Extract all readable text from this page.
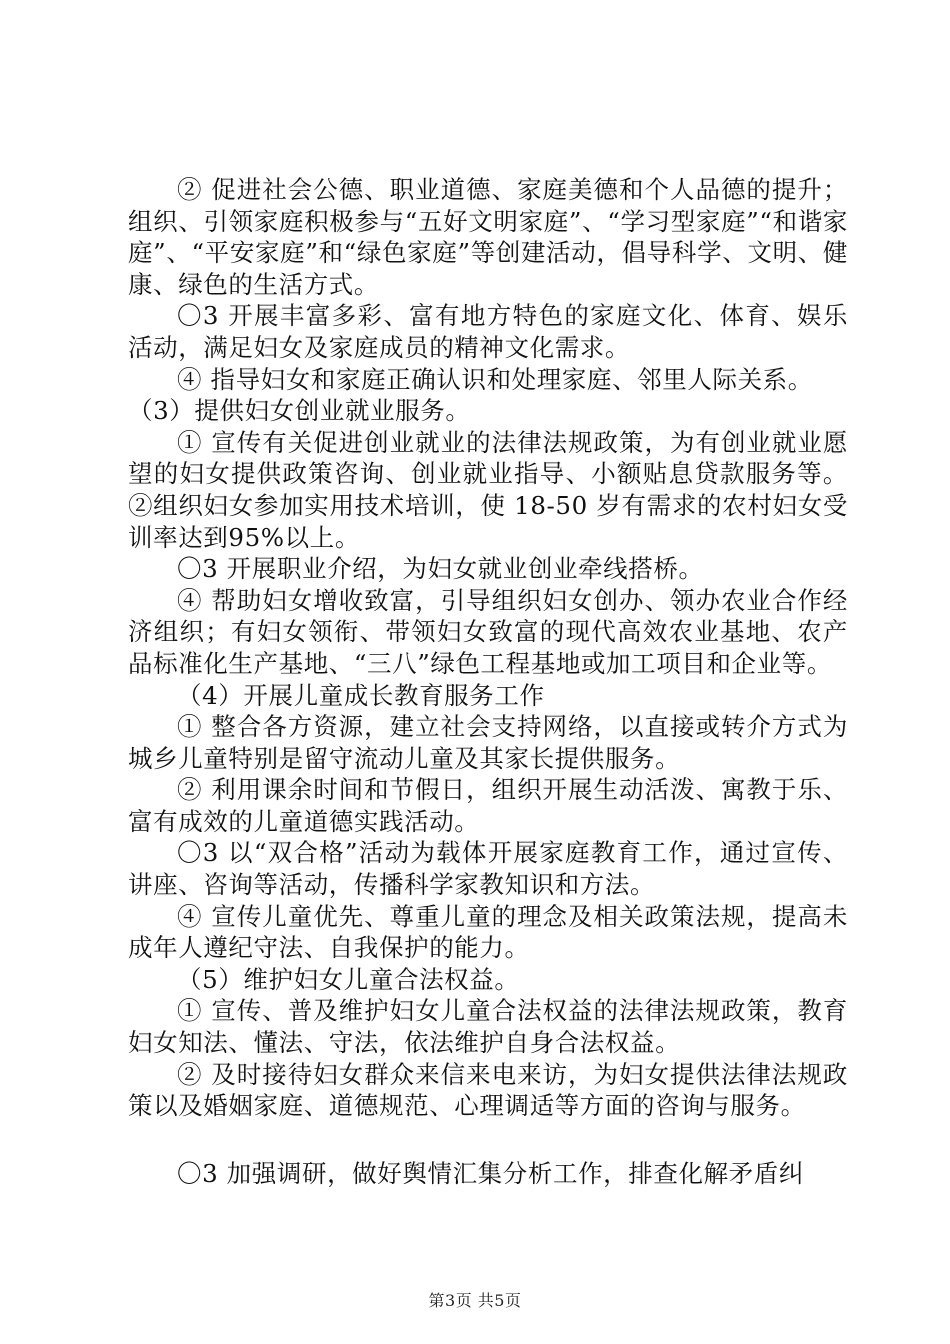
② 促进社会公德、职业道德、家庭美德和个人品德的提升；组织、引领家庭积极参与“五好文明家庭”、“学习型家庭”“和谐家庭”、“平安家庭”和“绿色家庭”等创建活动，倡导科学、文明、健康、绿色的生活方式。

〇3 开展丰富多彩、富有地方特色的家庭文化、体育、娱乐活动，满足妇女及家庭成员的精神文化需求。

④ 指导妇女和家庭正确认识和处理家庭、邻里人际关系。

（3）提供妇女创业就业服务。

① 宣传有关促进创业就业的法律法规政策，为有创业就业愿望的妇女提供政策咨询、创业就业指导、小额贴息贷款服务等。②组织妇女参加实用技术培训，使 18-50 岁有需求的农村妇女受训率达到95%以上。

〇3 开展职业介绍，为妇女就业创业牵线搭桥。

④ 帮助妇女增收致富，引导组织妇女创办、领办农业合作经济组织；有妇女领衔、带领妇女致富的现代高效农业基地、农产品标准化生产基地、“三八”绿色工程基地或加工项目和企业等。

（4）开展儿童成长教育服务工作

① 整合各方资源，建立社会支持网络，以直接或转介方式为城乡儿童特别是留守流动儿童及其家长提供服务。

② 利用课余时间和节假日，组织开展生动活泼、寓教于乐、富有成效的儿童道德实践活动。

〇3 以“双合格”活动为载体开展家庭教育工作，通过宣传、讲座、咨询等活动，传播科学家教知识和方法。

④ 宣传儿童优先、尊重儿童的理念及相关政策法规，提高未成年人遵纪守法、自我保护的能力。

（5）维护妇女儿童合法权益。

① 宣传、普及维护妇女儿童合法权益的法律法规政策，教育妇女知法、懂法、守法，依法维护自身合法权益。

② 及时接待妇女群众来信来电来访，为妇女提供法律法规政策以及婚姻家庭、道德规范、心理调适等方面的咨询与服务。

〇3 加强调研，做好舆情汇集分析工作，排查化解矛盾纠

第3页 共5页
